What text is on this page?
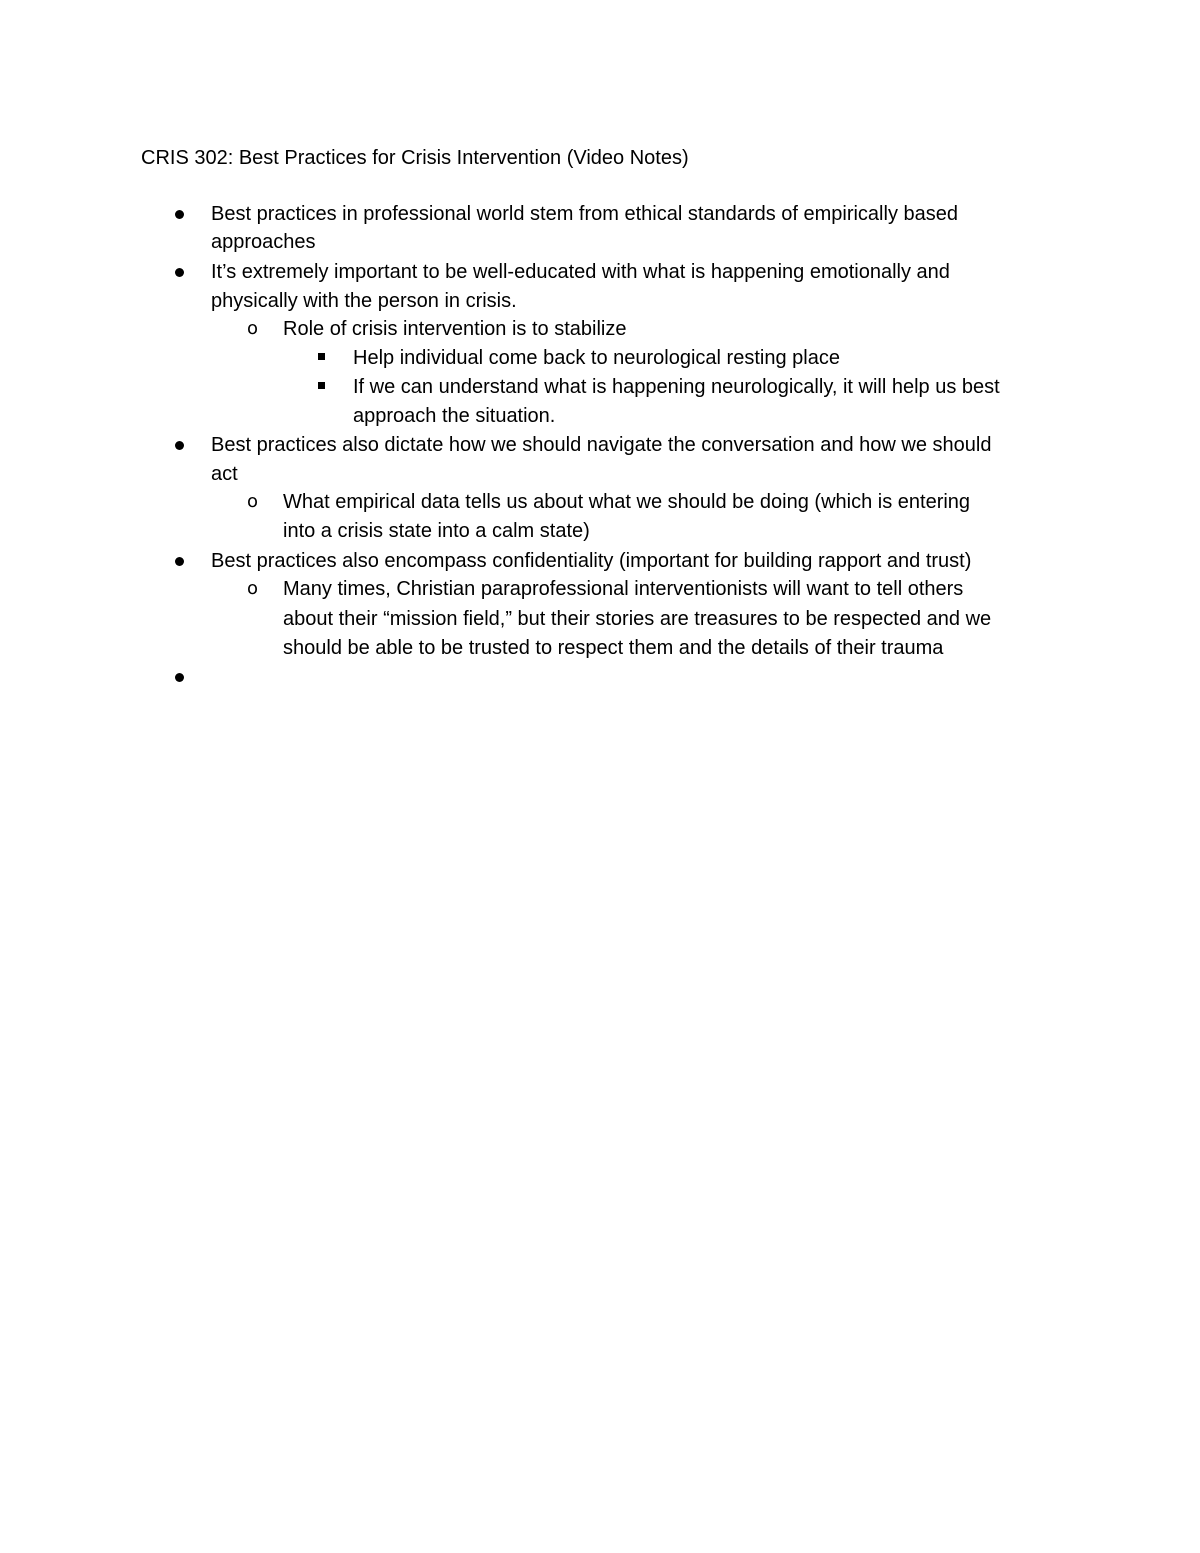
CRIS 302: Best Practices for Crisis Intervention (Video Notes)
Best practices in professional world stem from ethical standards of empirically based
approaches
It’s extremely important to be well-educated with what is happening emotionally and
physically with the person in crisis.
o Role of crisis intervention is to stabilize
Help individual come back to neurological resting place
If we can understand what is happening neurologically, it will help us best
approach the situation.
Best practices also dictate how we should navigate the conversation and how we should
act
o What empirical data tells us about what we should be doing (which is entering
into a crisis state into a calm state)
Best practices also encompass confidentiality (important for building rapport and trust)
o Many times, Christian paraprofessional interventionists will want to tell others
about their “mission field,” but their stories are treasures to be respected and we
should be able to be trusted to respect them and the details of their trauma
